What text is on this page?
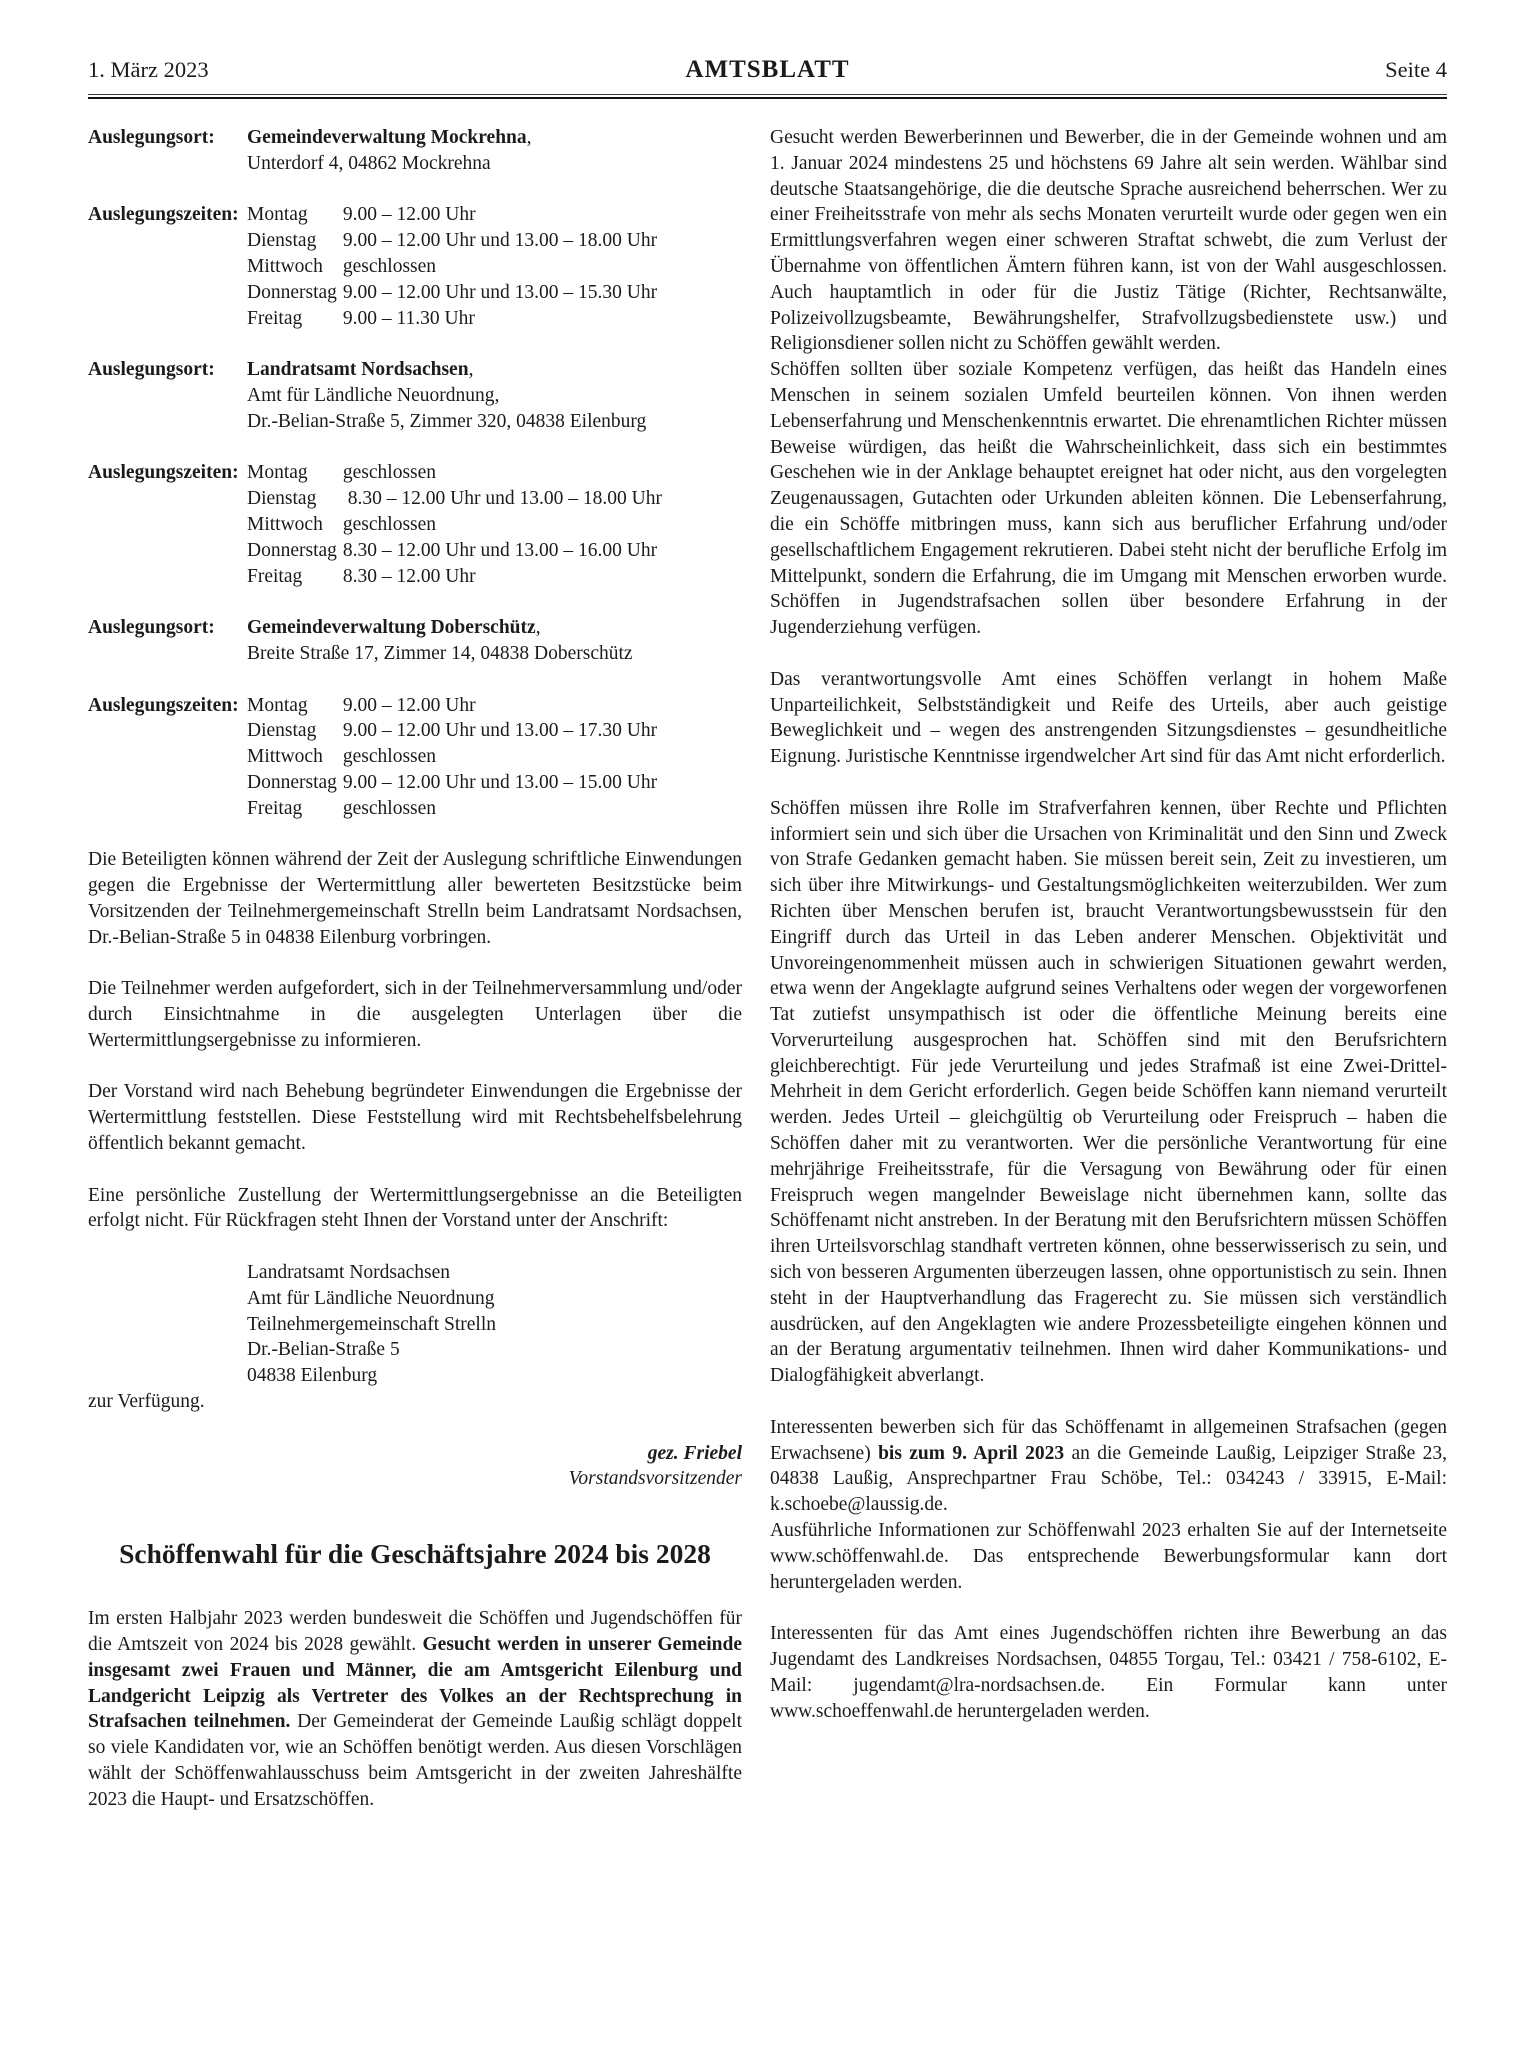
1. März 2023	AMTSBLATT	Seite 4
Auslegungsort:	Gemeindeverwaltung Mockrehna,
Unterdorf 4, 04862 Mockrehna
Auslegungszeiten: Montag	9.00 – 12.00 Uhr
Dienstag	9.00 – 12.00 Uhr und 13.00 – 18.00 Uhr
Mittwoch	geschlossen
Donnerstag 9.00 – 12.00 Uhr und 13.00 – 15.30 Uhr
Freitag	9.00 – 11.30 Uhr
Auslegungsort:	Landratsamt Nordsachsen,
Amt für Ländliche Neuordnung,
Dr.-Belian-Straße 5, Zimmer 320, 04838 Eilenburg
Auslegungszeiten: Montag	geschlossen
Dienstag	8.30 – 12.00 Uhr und 13.00 – 18.00 Uhr
Mittwoch	geschlossen
Donnerstag 8.30 – 12.00 Uhr und 13.00 – 16.00 Uhr
Freitag	8.30 – 12.00 Uhr
Auslegungsort:	Gemeindeverwaltung Doberschütz,
Breite Straße 17, Zimmer 14, 04838 Doberschütz
Auslegungszeiten: Montag	9.00 – 12.00 Uhr
Dienstag	9.00 – 12.00 Uhr und 13.00 – 17.30 Uhr
Mittwoch	geschlossen
Donnerstag 9.00 – 12.00 Uhr und 13.00 – 15.00 Uhr
Freitag	geschlossen

Die Beteiligten können während der Zeit der Auslegung schriftliche Einwendungen gegen die Ergebnisse der Wertermittlung aller bewerteten Besitzstücke beim Vorsitzenden der Teilnehmergemeinschaft Strelln beim Landratsamt Nordsachsen, Dr.-Belian-Straße 5 in 04838 Eilenburg vorbringen.

Die Teilnehmer werden aufgefordert, sich in der Teilnehmerversammlung und/oder durch Einsichtnahme in die ausgelegten Unterlagen über die Wertermittlungsergebnisse zu informieren.

Der Vorstand wird nach Behebung begründeter Einwendungen die Ergebnisse der Wertermittlung feststellen. Diese Feststellung wird mit Rechtsbehelfsbelehrung öffentlich bekannt gemacht.

Eine persönliche Zustellung der Wertermittlungsergebnisse an die Beteiligten erfolgt nicht. Für Rückfragen steht Ihnen der Vorstand unter der Anschrift:

Landratsamt Nordsachsen
Amt für Ländliche Neuordnung
Teilnehmergemeinschaft Strelln
Dr.-Belian-Straße 5
04838 Eilenburg
zur Verfügung.
gez. Friebel
Vorstandsvorsitzender
Schöffenwahl für die Geschäftsjahre 2024 bis 2028

Im ersten Halbjahr 2023 werden bundesweit die Schöffen und Jugendschöffen für die Amtszeit von 2024 bis 2028 gewählt. Gesucht werden in unserer Gemeinde insgesamt zwei Frauen und Männer, die am Amtsgericht Eilenburg und Landgericht Leipzig als Vertreter des Volkes an der Rechtsprechung in Strafsachen teilnehmen. Der Gemeinderat der Gemeinde Laußig schlägt doppelt so viele Kandidaten vor, wie an Schöffen benötigt werden. Aus diesen Vorschlägen wählt der Schöffenwahlausschuss beim Amtsgericht in der zweiten Jahreshälfte 2023 die Haupt- und Ersatzschöffen.

Gesucht werden Bewerberinnen und Bewerber, die in der Gemeinde wohnen und am 1. Januar 2024 mindestens 25 und höchstens 69 Jahre alt sein werden. Wählbar sind deutsche Staatsangehörige, die die deutsche Sprache ausreichend beherrschen. Wer zu einer Freiheitsstrafe von mehr als sechs Monaten verurteilt wurde oder gegen wen ein Ermittlungsverfahren wegen einer schweren Straftat schwebt, die zum Verlust der Übernahme von öffentlichen Ämtern führen kann, ist von der Wahl ausgeschlossen. Auch hauptamtlich in oder für die Justiz Tätige (Richter, Rechtsanwälte, Polizeivollzugsbeamte, Bewährungshelfer, Strafvollzugsbedienstete usw.) und Religionsdiener sollen nicht zu Schöffen gewählt werden.

Schöffen sollten über soziale Kompetenz verfügen, das heißt das Handeln eines Menschen in seinem sozialen Umfeld beurteilen können. Von ihnen werden Lebenserfahrung und Menschenkenntnis erwartet. Die ehrenamtlichen Richter müssen Beweise würdigen, das heißt die Wahrscheinlichkeit, dass sich ein bestimmtes Geschehen wie in der Anklage behauptet ereignet hat oder nicht, aus den vorgelegten Zeugenaussagen, Gutachten oder Urkunden ableiten können. Die Lebenserfahrung, die ein Schöffe mitbringen muss, kann sich aus beruflicher Erfahrung und/oder gesellschaftlichem Engagement rekrutieren. Dabei steht nicht der berufliche Erfolg im Mittelpunkt, sondern die Erfahrung, die im Umgang mit Menschen erworben wurde. Schöffen in Jugendstrafsachen sollen über besondere Erfahrung in der Jugenderziehung verfügen.

Das verantwortungsvolle Amt eines Schöffen verlangt in hohem Maße Unparteilichkeit, Selbstständigkeit und Reife des Urteils, aber auch geistige Beweglichkeit und – wegen des anstrengenden Sitzungsdienstes – gesundheitliche Eignung. Juristische Kenntnisse irgendwelcher Art sind für das Amt nicht erforderlich.

Schöffen müssen ihre Rolle im Strafverfahren kennen, über Rechte und Pflichten informiert sein und sich über die Ursachen von Kriminalität und den Sinn und Zweck von Strafe Gedanken gemacht haben. Sie müssen bereit sein, Zeit zu investieren, um sich über ihre Mitwirkungs- und Gestaltungsmöglichkeiten weiterzubilden. Wer zum Richten über Menschen berufen ist, braucht Verantwortungsbewusstsein für den Eingriff durch das Urteil in das Leben anderer Menschen. Objektivität und Unvoreingenommenheit müssen auch in schwierigen Situationen gewahrt werden, etwa wenn der Angeklagte aufgrund seines Verhaltens oder wegen der vorgeworfenen Tat zutiefst unsympathisch ist oder die öffentliche Meinung bereits eine Vorverurteilung ausgesprochen hat. Schöffen sind mit den Berufsrichtern gleichberechtigt. Für jede Verurteilung und jedes Strafmaß ist eine Zwei-Drittel-Mehrheit in dem Gericht erforderlich. Gegen beide Schöffen kann niemand verurteilt werden. Jedes Urteil – gleichgültig ob Verurteilung oder Freispruch – haben die Schöffen daher mit zu verantworten. Wer die persönliche Verantwortung für eine mehrjährige Freiheitsstrafe, für die Versagung von Bewährung oder für einen Freispruch wegen mangelnder Beweislage nicht übernehmen kann, sollte das Schöffenamt nicht anstreben. In der Beratung mit den Berufsrichtern müssen Schöffen ihren Urteilsvorschlag standhaft vertreten können, ohne besserwisserisch zu sein, und sich von besseren Argumenten überzeugen lassen, ohne opportunistisch zu sein. Ihnen steht in der Hauptverhandlung das Fragerecht zu. Sie müssen sich verständlich ausdrücken, auf den Angeklagten wie andere Prozessbeteiligte eingehen können und an der Beratung argumentativ teilnehmen. Ihnen wird daher Kommunikations- und Dialogfähigkeit abverlangt.

Interessenten bewerben sich für das Schöffenamt in allgemeinen Strafsachen (gegen Erwachsene) bis zum 9. April 2023 an die Gemeinde Laußig, Leipziger Straße 23, 04838 Laußig, Ansprechpartner Frau Schöbe, Tel.: 034243 / 33915, E-Mail: k.schoebe@laussig.de.

Ausführliche Informationen zur Schöffenwahl 2023 erhalten Sie auf der Internetseite www.schöffenwahl.de. Das entsprechende Bewerbungsformular kann dort heruntergeladen werden.

Interessenten für das Amt eines Jugendschöffen richten ihre Bewerbung an das Jugendamt des Landkreises Nordsachsen, 04855 Torgau, Tel.: 03421 / 758-6102, E-Mail: jugendamt@lra-nordsachsen.de. Ein Formular kann unter www.schoeffenwahl.de heruntergeladen werden.
